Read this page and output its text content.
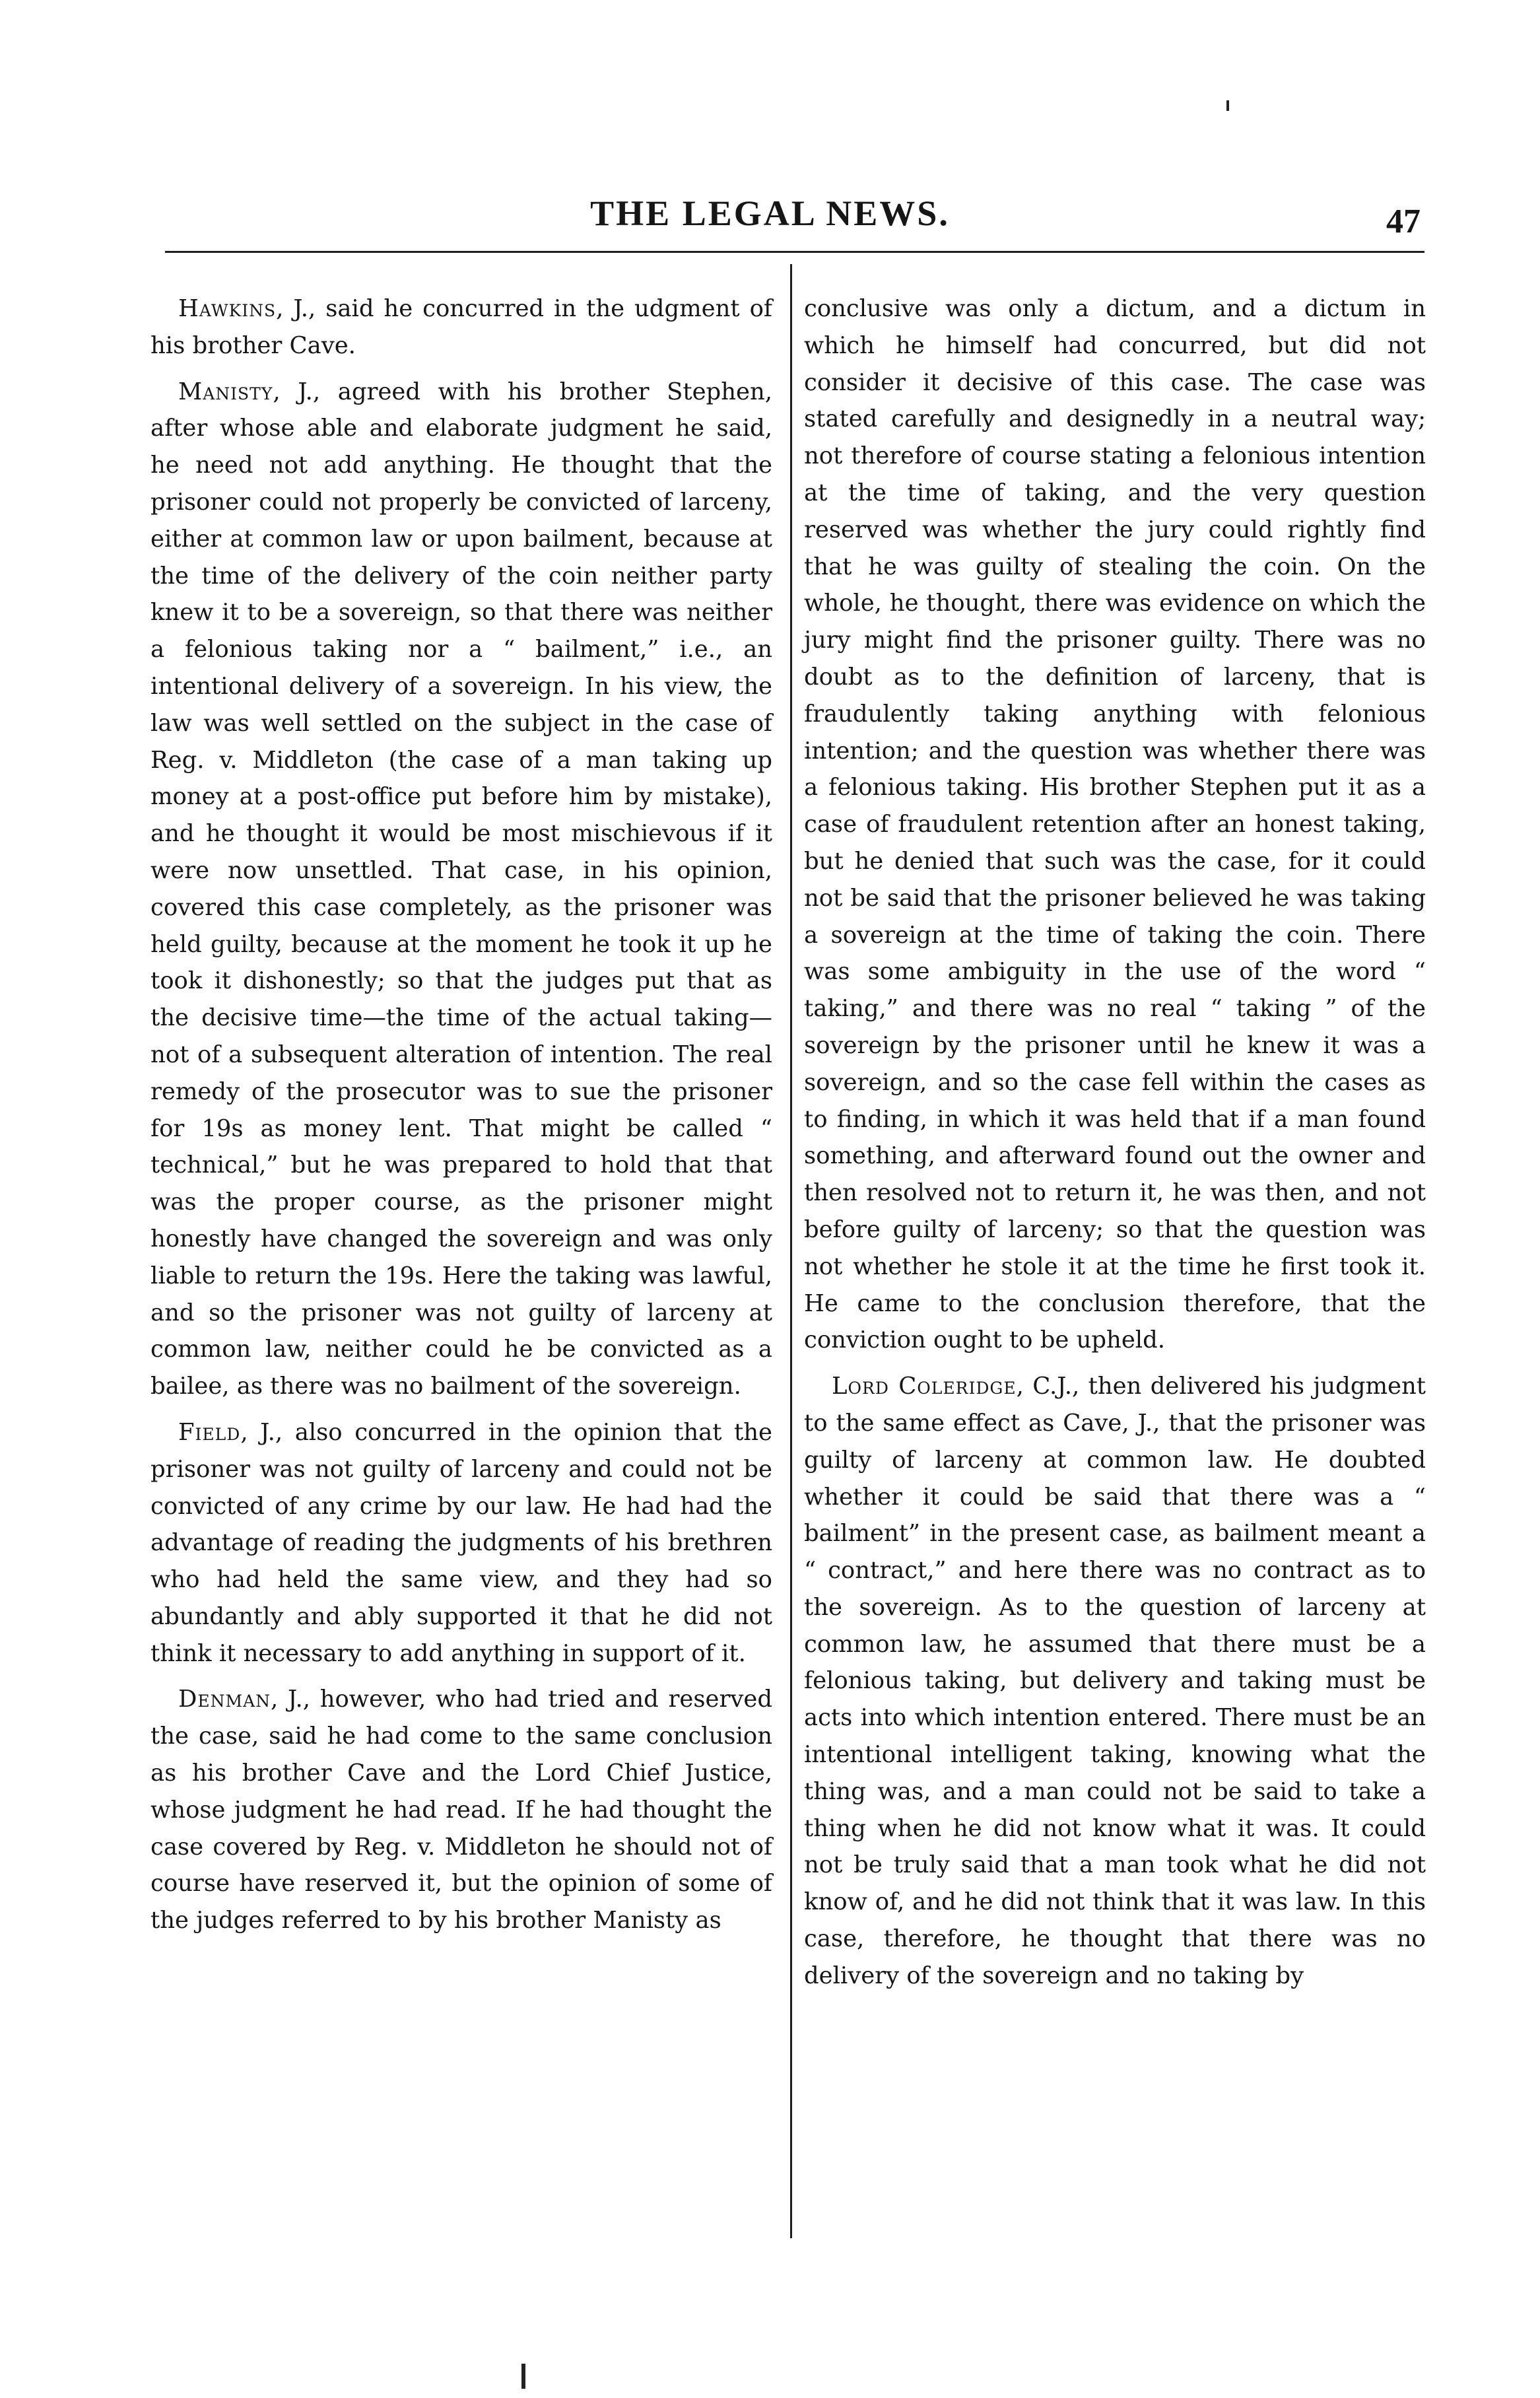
THE LEGAL NEWS.	47

Hawkins, J., said he concurred in the udgment of his brother Cave.

Manisty, J., agreed with his brother Stephen, after whose able and elaborate judgment he said, he need not add anything. He thought that the prisoner could not properly be convicted of larceny, either at common law or upon bailment, because at the time of the delivery of the coin neither party knew it to be a sovereign, so that there was neither a felonious taking nor a “ bailment,” i.e., an intentional delivery of a sovereign. In his view, the law was well settled on the subject in the case of Reg. v. Middleton (the case of a man taking up money at a post-office put before him by mistake), and he thought it would be most mischievous if it were now unsettled. That case, in his opinion, covered this case completely, as the prisoner was held guilty, because at the moment he took it up he took it dishonestly; so that the judges put that as the decisive time—the time of the actual taking—not of a subsequent alteration of intention. The real remedy of the prosecutor was to sue the prisoner for 19s as money lent. That might be called “ technical,” but he was prepared to hold that that was the proper course, as the prisoner might honestly have changed the sovereign and was only liable to return the 19s. Here the taking was lawful, and so the prisoner was not guilty of larceny at common law, neither could he be convicted as a bailee, as there was no bailment of the sovereign.

Field, J., also concurred in the opinion that the prisoner was not guilty of larceny and could not be convicted of any crime by our law. He had had the advantage of reading the judgments of his brethren who had held the same view, and they had so abundantly and ably supported it that he did not think it necessary to add anything in support of it.

Denman, J., however, who had tried and reserved the case, said he had come to the same conclusion as his brother Cave and the Lord Chief Justice, whose judgment he had read. If he had thought the case covered by Reg. v. Middleton he should not of course have reserved it, but the opinion of some of the judges referred to by his brother Manisty as

conclusive was only a dictum, and a dictum in which he himself had concurred, but did not consider it decisive of this case. The case was stated carefully and designedly in a neutral way; not therefore of course stating a felonious intention at the time of taking, and the very question reserved was whether the jury could rightly find that he was guilty of stealing the coin. On the whole, he thought, there was evidence on which the jury might find the prisoner guilty. There was no doubt as to the definition of larceny, that is fraudulently taking anything with felonious intention; and the question was whether there was a felonious taking. His brother Stephen put it as a case of fraudulent retention after an honest taking, but he denied that such was the case, for it could not be said that the prisoner believed he was taking a sovereign at the time of taking the coin. There was some ambiguity in the use of the word “ taking,” and there was no real “ taking ” of the sovereign by the prisoner until he knew it was a sovereign, and so the case fell within the cases as to finding, in which it was held that if a man found something, and afterward found out the owner and then resolved not to return it, he was then, and not before guilty of larceny; so that the question was not whether he stole it at the time he first took it. He came to the conclusion therefore, that the conviction ought to be upheld.

Lord Coleridge, C.J., then delivered his judgment to the same effect as Cave, J., that the prisoner was guilty of larceny at common law. He doubted whether it could be said that there was a “ bailment” in the present case, as bailment meant a “ contract,” and here there was no contract as to the sovereign. As to the question of larceny at common law, he assumed that there must be a felonious taking, but delivery and taking must be acts into which intention entered. There must be an intentional intelligent taking, knowing what the thing was, and a man could not be said to take a thing when he did not know what it was. It could not be truly said that a man took what he did not know of, and he did not think that it was law. In this case, therefore, he thought that there was no delivery of the sovereign and no taking by
